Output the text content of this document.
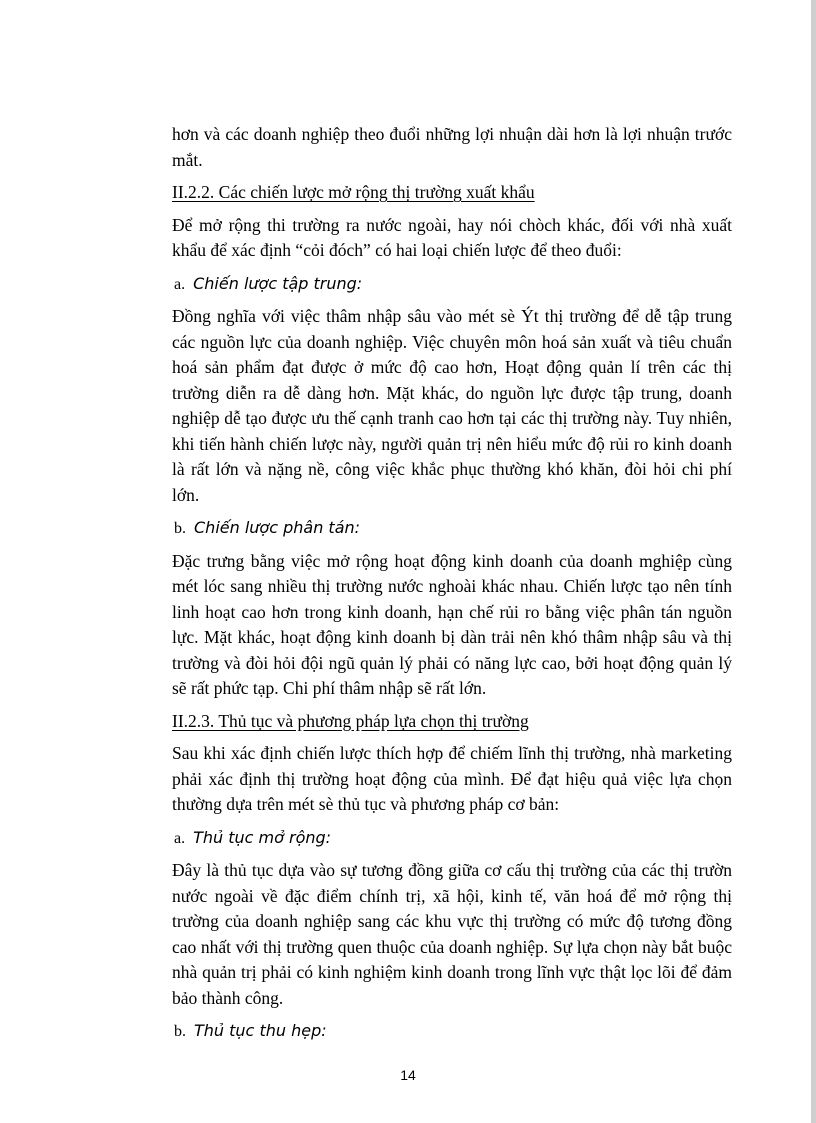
hơn và các doanh nghiệp theo đuổi những lợi nhuận dài hơn là lợi nhuận trước mắt.

II.2.2. Các chiến lược mở rộng thị trường xuất khẩu

Để mở rộng thi trường ra nước ngoài, hay nói chòch khác, đối với nhà xuất khẩu để xác định “cỏi đóch” có hai loại chiến lược để theo đuổi:

a. Chiến lược tập trung:

Đồng nghĩa với việc thâm nhập sâu vào mét sè Ýt thị trường để dễ tập trung các nguồn lực của doanh nghiệp. Việc chuyên môn hoá sản xuất và tiêu chuẩn hoá sản phẩm đạt được ở mức độ cao hơn, Hoạt động quản lí trên các thị trường diễn ra dễ dàng hơn. Mặt khác, do nguồn lực được tập trung, doanh nghiệp dễ tạo được ưu thế cạnh tranh cao hơn tại các thị trường này. Tuy nhiên, khi tiến hành chiến lược này, người quản trị nên hiểu mức độ rủi ro kinh doanh là rất lớn và nặng nề, công việc khắc phục thường khó khăn, đòi hỏi chi phí lớn.

b. Chiến lược phân tán:

Đặc trưng bằng việc mở rộng hoạt động kinh doanh của doanh mghiệp cùng mét lóc sang nhiều thị trường nước nghoài khác nhau. Chiến lược tạo nên tính linh hoạt cao hơn trong kinh doanh, hạn chế rủi ro bằng việc phân tán nguồn lực. Mặt khác, hoạt động kinh doanh bị dàn trải nên khó thâm nhập sâu và thị trường và đòi hỏi đội ngũ quản lý phải có năng lực cao, bởi hoạt động quản lý sẽ rất phức tạp. Chi phí thâm nhập sẽ rất lớn.

II.2.3. Thủ tục và phương pháp lựa chọn thị trường

Sau khi xác định chiến lược thích hợp để chiếm lĩnh thị trường, nhà marketing phải xác định thị trường hoạt động của mình. Để đạt hiệu quả việc lựa chọn thường dựa trên mét sè thủ tục và phương pháp cơ bản:

a. Thủ tục mở rộng:

Đây là thủ tục dựa vào sự tương đồng giữa cơ cấu thị trường của các thị trườn nước ngoài về đặc điểm chính trị, xã hội, kinh tế, văn hoá để mở rộng thị trường của doanh nghiệp sang các khu vực thị trường có mức độ tương đồng cao nhất với thị trường quen thuộc của doanh nghiệp. Sự lựa chọn này bắt buộc nhà quản trị phải có kinh nghiệm kinh doanh trong lĩnh vực thật lọc lõi để đảm bảo thành công.

b. Thủ tục thu hẹp:

14
